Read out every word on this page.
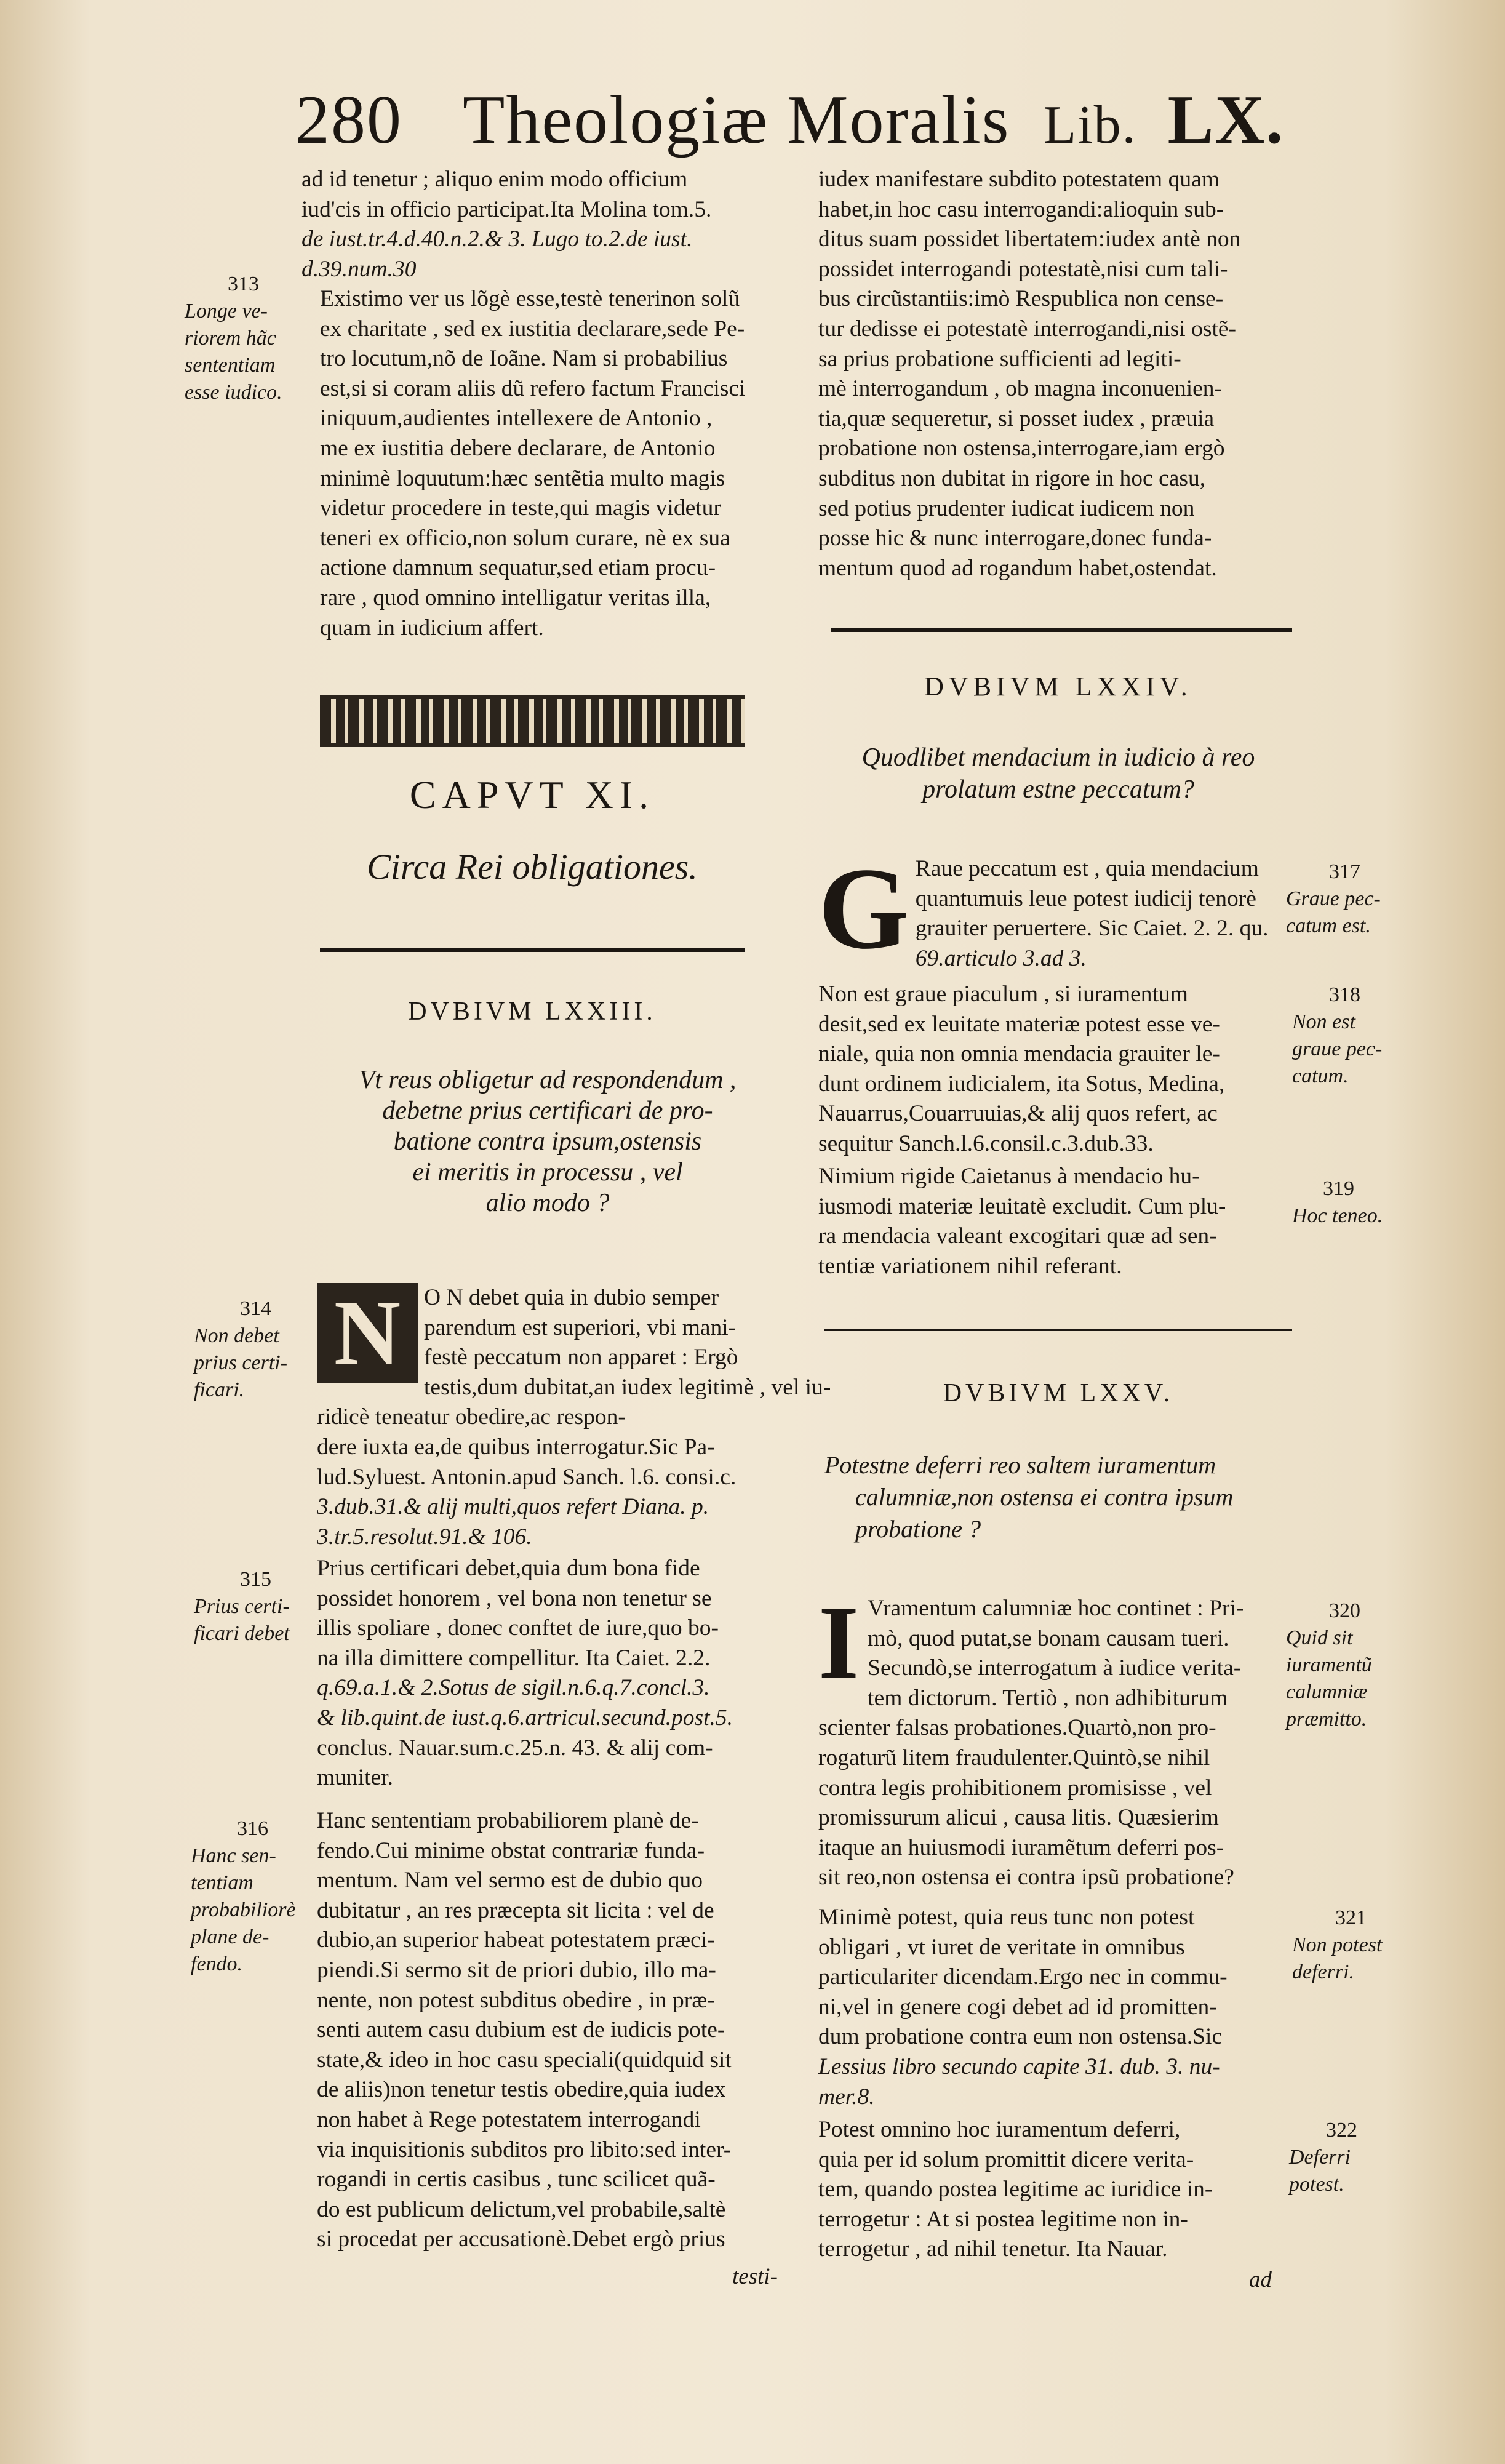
280 Theologiæ Moralis Lib. LX.

ad id tenetur ; aliquo enim modo officium

iud'cis in officio participat.Ita Molina tom.5.

de iust.tr.4.d.40.n.2.& 3. Lugo to.2.de iust.

d.39.num.30

Existimo ver us lõgè esse,testè tenerinon solũ

ex charitate , sed ex iustitia declarare,sede Pe-

tro locutum,nõ de Ioãne. Nam si probabilius

est,si si coram aliis dũ refero factum Francisci

iniquum,audientes intellexere de Antonio ,

me ex iustitia debere declarare, de Antonio

minimè loquutum:hæc sentẽtia multo magis

videtur procedere in teste,qui magis videtur

teneri ex officio,non solum curare, nè ex sua

actione damnum sequatur,sed etiam procu-

rare , quod omnino intelligatur veritas illa,

quam in iudicium affert.

CAPVT XI.
Circa Rei obligationes.
DVBIVM LXXIII.

Vt reus obligetur ad respondendum ,

debetne prius certificari de pro-

batione contra ipsum,ostensis

ei meritis in processu , vel

alio modo ?

N	O N debet quia in dubio semper

parendum est superiori, vbi mani-

festè peccatum non apparet : Ergò

testis,dum dubitat,an iudex legitimè , vel iu-

ridicè teneatur obedire,ac respon-

dere iuxta ea,de quibus interrogatur.Sic Pa-

lud.Syluest. Antonin.apud Sanch. l.6. consi.c.

3.dub.31.& alij multi,quos refert Diana. p.

3.tr.5.resolut.91.& 106.

Prius certificari debet,quia dum bona fide

possidet honorem , vel bona non tenetur se

illis spoliare , donec conftet de iure,quo bo-

na illa dimittere compellitur. Ita Caiet. 2.2.

q.69.a.1.& 2.Sotus de sigil.n.6.q.7.concl.3.

& lib.quint.de iust.q.6.artricul.secund.post.5.

conclus. Nauar.sum.c.25.n. 43. & alij com-

muniter.

Hanc sententiam probabiliorem planè de-

fendo.Cui minime obstat contrariæ funda-

mentum. Nam vel sermo est de dubio quo

dubitatur , an res præcepta sit licita : vel de

dubio,an superior habeat potestatem præci-

piendi.Si sermo sit de priori dubio, illo ma-

nente, non potest subditus obedire , in præ-

senti autem casu dubium est de iudicis pote-

state,& ideo in hoc casu speciali(quidquid sit

de aliis)non tenetur testis obedire,quia iudex

non habet à Rege potestatem interrogandi

via inquisitionis subditos pro libito:sed inter-

rogandi in certis casibus , tunc scilicet quã-

do est publicum delictum,vel probabile,saltè

si procedat per accusationè.Debet ergò prius

testi-
313
Longe ve-
riorem hãc
sententiam
esse iudico.
314
Non debet
prius certi-
ficari.
315
Prius certi-
ficari debet
316
Hanc sen-
tentiam
probabiliorè
plane de-
fendo.

iudex manifestare subdito potestatem quam

habet,in hoc casu interrogandi:alioquin sub-

ditus suam possidet libertatem:iudex antè non

possidet interrogandi potestatè,nisi cum tali-

bus circũstantiis:imò Respublica non cense-

tur dedisse ei potestatè interrogandi,nisi ostẽ-

sa prius probatione sufficienti ad legiti-

mè interrogandum , ob magna inconuenien-

tia,quæ sequeretur, si posset iudex , præuia

probatione non ostensa,interrogare,iam ergò

subditus non dubitat in rigore in hoc casu,

sed potius prudenter iudicat iudicem non

posse hic & nunc interrogare,donec funda-

mentum quod ad rogandum habet,ostendat.

DVBIVM LXXIV.

Quodlibet mendacium in iudicio à reo

prolatum estne peccatum?

G Raue peccatum est , quia mendacium

quantumuis leue potest iudicij tenorè

grauiter peruertere. Sic Caiet. 2. 2. qu.

69.articulo 3.ad 3.

Non est graue piaculum , si iuramentum

desit,sed ex leuitate materiæ potest esse ve-

niale, quia non omnia mendacia grauiter le-

dunt ordinem iudicialem, ita Sotus, Medina,

Nauarrus,Couarruuias,& alij quos refert, ac

sequitur Sanch.l.6.consil.c.3.dub.33.

Nimium rigide Caietanus à mendacio hu-

iusmodi materiæ leuitatè excludit. Cum plu-

ra mendacia valeant excogitari quæ ad sen-

tentiæ variationem nihil referant.

DVBIVM LXXV.

Potestne deferri reo saltem iuramentum

calumniæ,non ostensa ei contra ipsum

probatione ?

I Vramentum calumniæ hoc continet : Pri-

mò, quod putat,se bonam causam tueri.

Secundò,se interrogatum à iudice verita-

tem dictorum. Tertiò , non adhibiturum

scienter falsas probationes.Quartò,non pro-

rogaturũ litem fraudulenter.Quintò,se nihil

contra legis prohibitionem promisisse , vel

promissurum alicui , causa litis. Quæsierim

itaque an huiusmodi iuramẽtum deferri pos-

sit reo,non ostensa ei contra ipsũ probatione?

Minimè potest, quia reus tunc non potest

obligari , vt iuret de veritate in omnibus

particulariter dicendam.Ergo nec in commu-

ni,vel in genere cogi debet ad id promitten-

dum probatione contra eum non ostensa.Sic

Lessius libro secundo capite 31. dub. 3. nu-

mer.8.

Potest omnino hoc iuramentum deferri,

quia per id solum promittit dicere verita-

tem, quando postea legitime ac iuridice in-

terrogetur : At si postea legitime non in-

terrogetur , ad nihil tenetur. Ita Nauar.

ad
317
Graue pec-
catum est.
318
Non est
graue pec-
catum.
319
Hoc teneo.
320
Quid sit
iuramentũ
calumniæ
præmitto.
321
Non potest
deferri.
322
Deferri
potest.
